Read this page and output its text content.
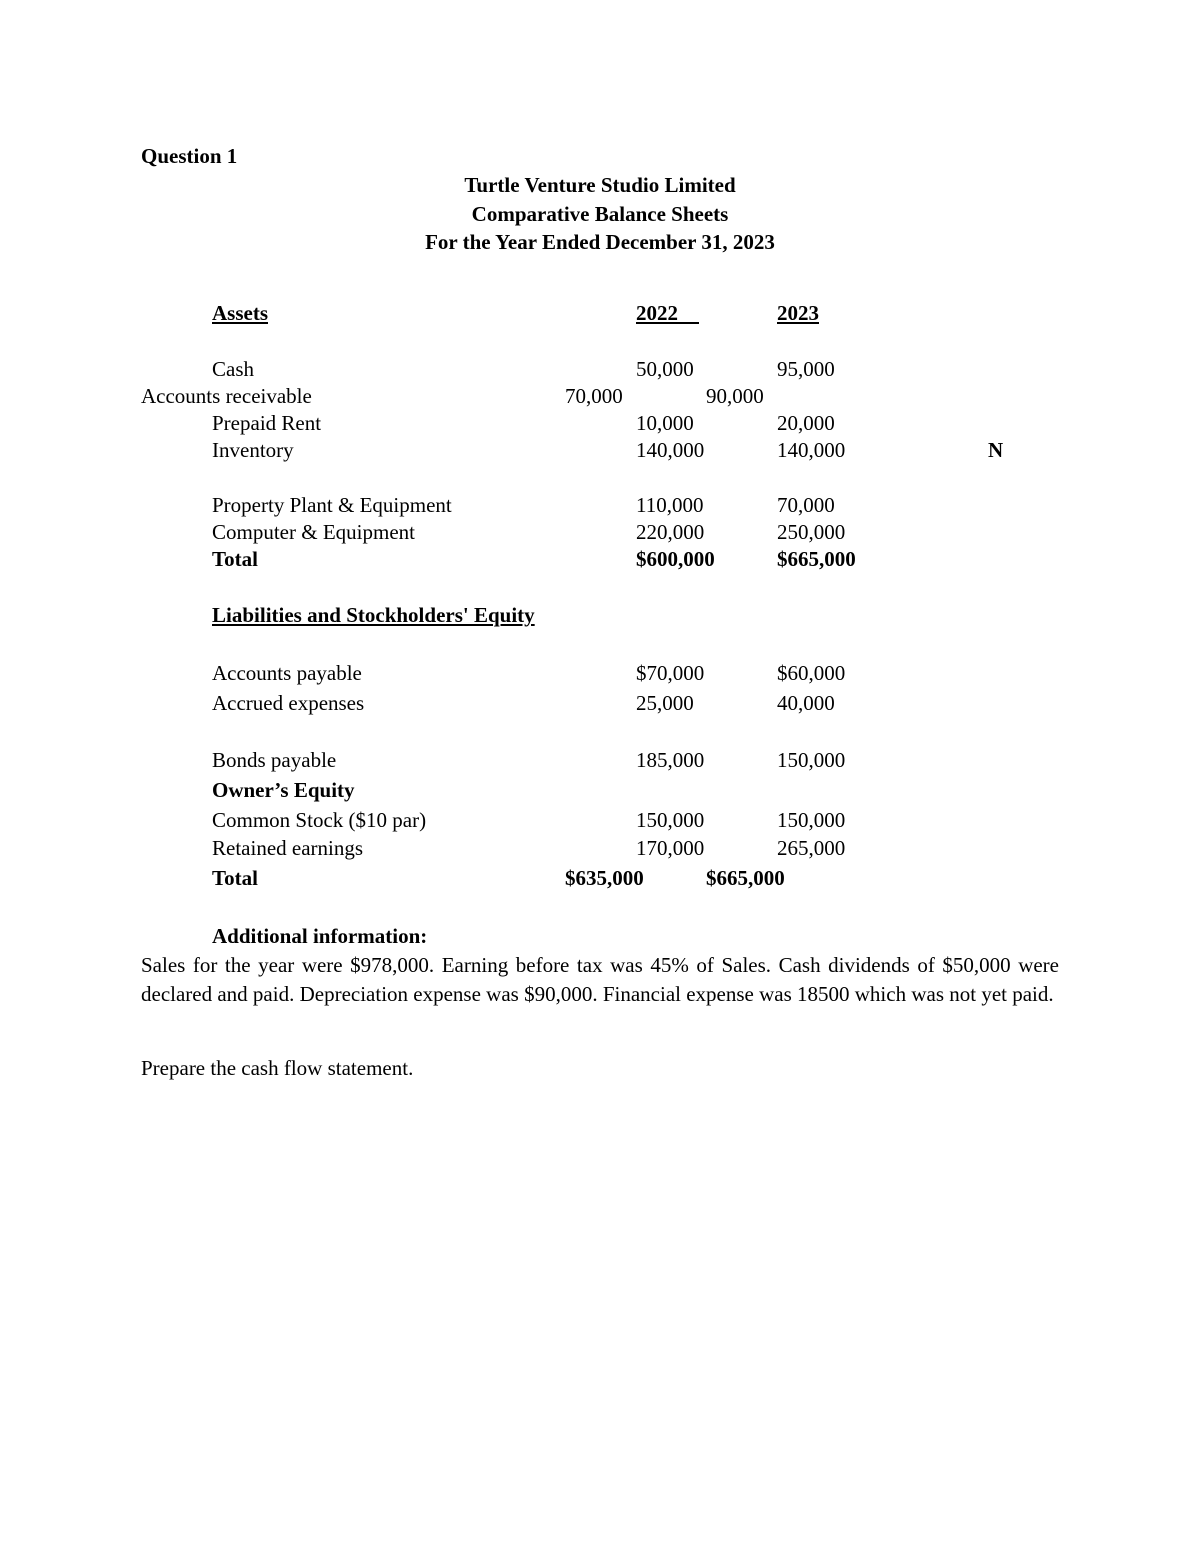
Question 1
Turtle Venture Studio Limited
Comparative Balance Sheets
For the Year Ended December 31, 2023
Assets	2022	2023
Cash	50,000	95,000
Accounts receivable	70,000	90,000
Prepaid Rent	10,000	20,000
Inventory	140,000	140,000	N
Property Plant & Equipment	110,000	70,000
Computer & Equipment	220,000	250,000
Total	$600,000	$665,000
Liabilities and Stockholders' Equity
Accounts payable	$70,000	$60,000
Accrued expenses	25,000	40,000
Bonds payable	185,000	150,000
Owner’s Equity
Common Stock ($10 par)	150,000	150,000
Retained earnings	170,000	265,000
Total	$635,000	$665,000
Additional information:
Sales for the year were $978,000. Earning before tax was 45% of Sales. Cash dividends of $50,000 were declared and paid. Depreciation expense was $90,000. Financial expense was 18500 which was not yet paid.
Prepare the cash flow statement.
